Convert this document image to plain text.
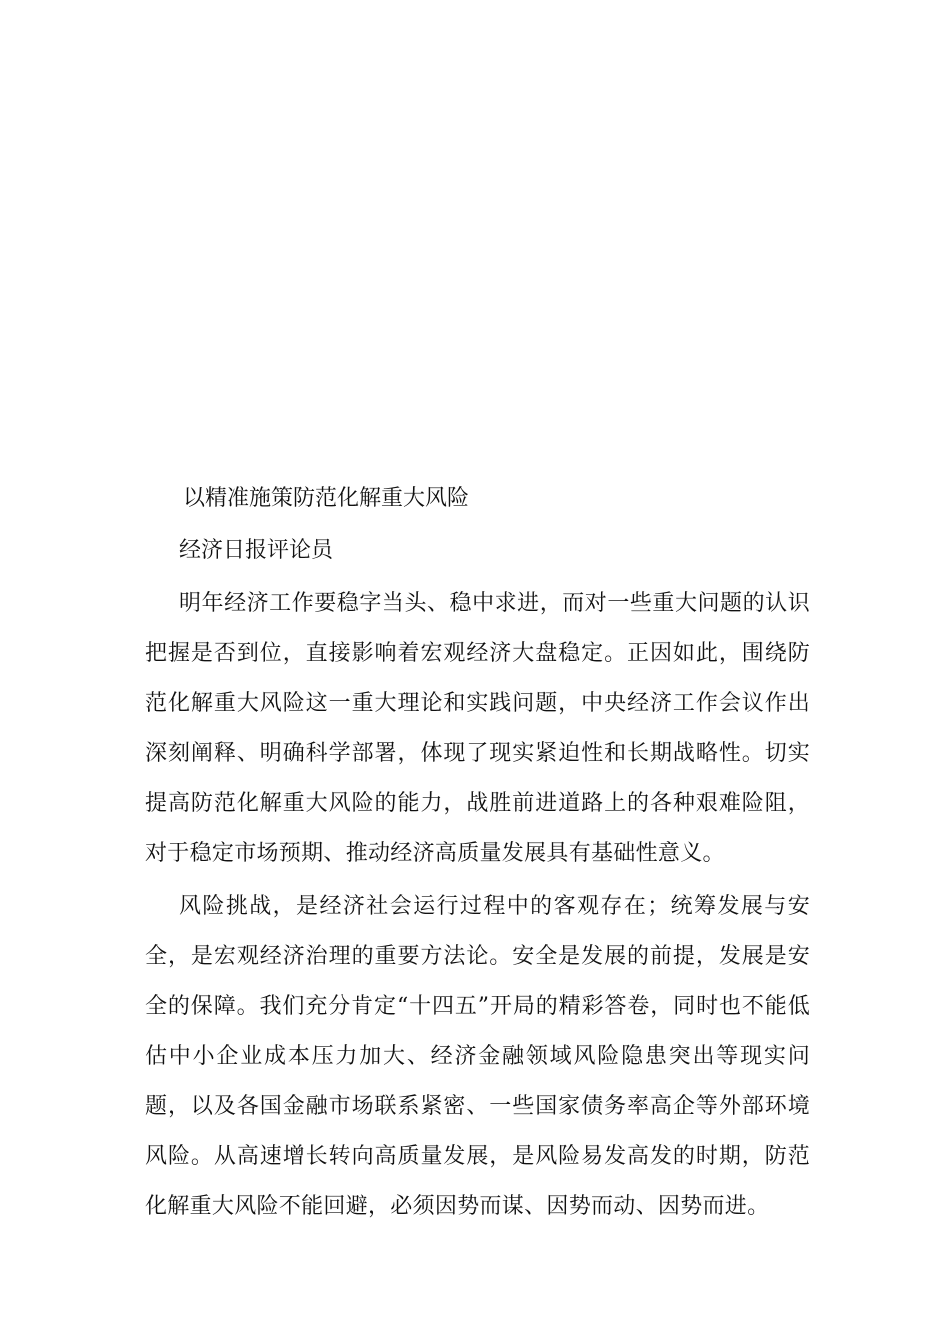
以精准施策防范化解重大风险
经济日报评论员

明年经济工作要稳字当头、稳中求进，而对一些重大问题的认识把握是否到位，直接影响着宏观经济大盘稳定。正因如此，围绕防范化解重大风险这一重大理论和实践问题，中央经济工作会议作出深刻阐释、明确科学部署，体现了现实紧迫性和长期战略性。切实提高防范化解重大风险的能力，战胜前进道路上的各种艰难险阻，对于稳定市场预期、推动经济高质量发展具有基础性意义。

风险挑战，是经济社会运行过程中的客观存在；统筹发展与安全，是宏观经济治理的重要方法论。安全是发展的前提，发展是安全的保障。我们充分肯定“十四五”开局的精彩答卷，同时也不能低估中小企业成本压力加大、经济金融领域风险隐患突出等现实问题，以及各国金融市场联系紧密、一些国家债务率高企等外部环境风险。从高速增长转向高质量发展，是风险易发高发的时期，防范化解重大风险不能回避，必须因势而谋、因势而动、因势而进。
